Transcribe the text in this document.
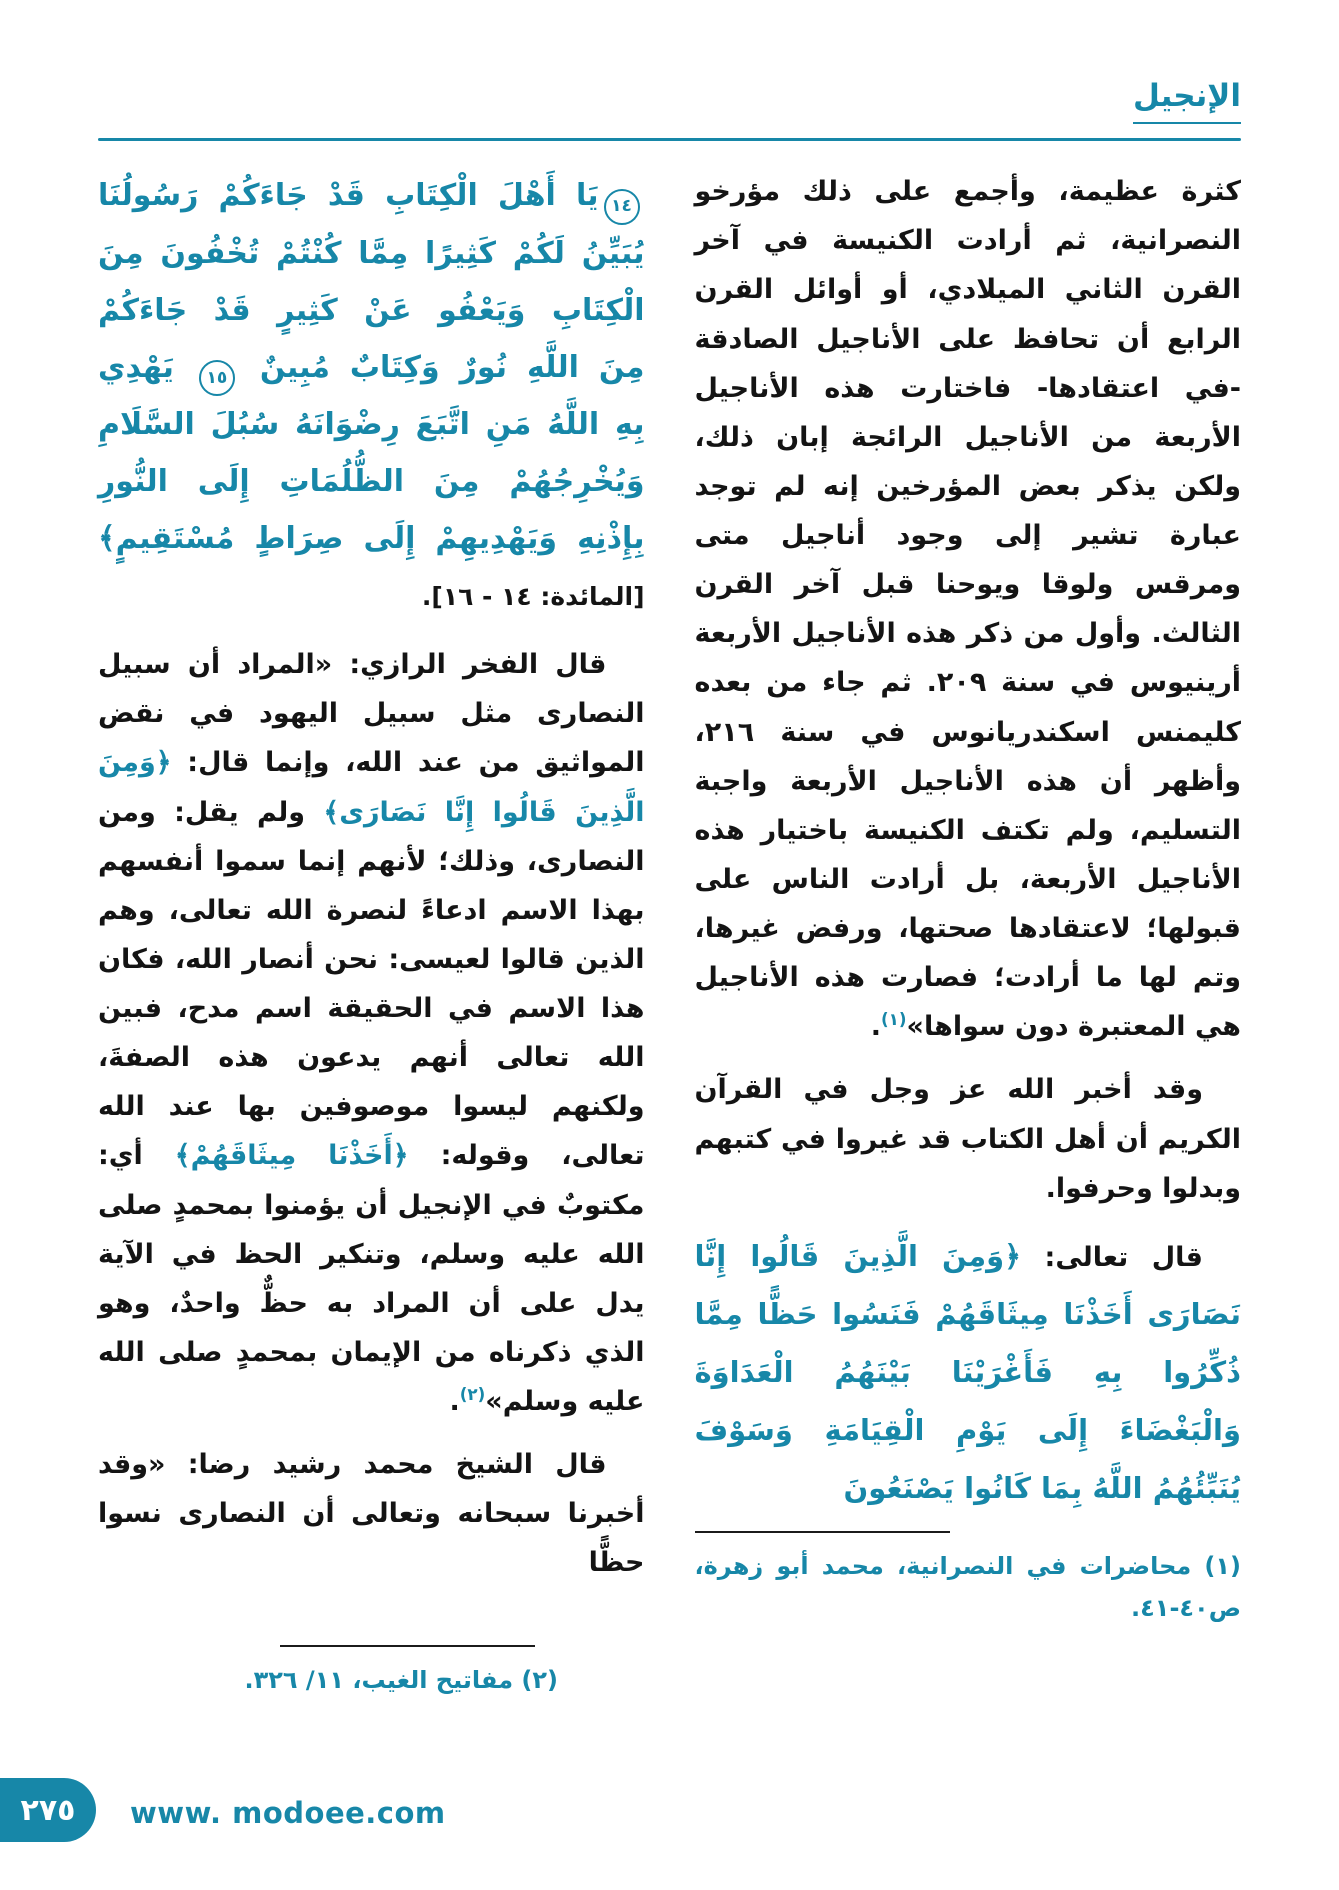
الإنجيل

كثرة عظيمة، وأجمع على ذلك مؤرخو النصرانية، ثم أرادت الكنيسة في آخر القرن الثاني الميلادي، أو أوائل القرن الرابع أن تحافظ على الأناجيل الصادقة -في اعتقادها- فاختارت هذه الأناجيل الأربعة من الأناجيل الرائجة إبان ذلك، ولكن يذكر بعض المؤرخين إنه لم توجد عبارة تشير إلى وجود أناجيل متى ومرقس ولوقا ويوحنا قبل آخر القرن الثالث. وأول من ذكر هذه الأناجيل الأربعة أرينيوس في سنة ٢٠٩. ثم جاء من بعده كليمنس اسكندريانوس في سنة ٢١٦، وأظهر أن هذه الأناجيل الأربعة واجبة التسليم، ولم تكتف الكنيسة باختيار هذه الأناجيل الأربعة، بل أرادت الناس على قبولها؛ لاعتقادها صحتها، ورفض غيرها، وتم لها ما أرادت؛ فصارت هذه الأناجيل هي المعتبرة دون سواها»$^{(١)}$.

وقد أخبر الله عز وجل في القرآن الكريم أن أهل الكتاب قد غيروا في كتبهم وبدلوا وحرفوا.

قال تعالى: ﴿وَمِنَ الَّذِينَ قَالُوا إِنَّا نَصَارَى أَخَذْنَا مِيثَاقَهُمْ فَنَسُوا حَظًّا مِمَّا ذُكِّرُوا بِهِ فَأَغْرَيْنَا بَيْنَهُمُ الْعَدَاوَةَ وَالْبَغْضَاءَ إِلَى يَوْمِ الْقِيَامَةِ وَسَوْفَ يُنَبِّئُهُمُ اللَّهُ بِمَا كَانُوا يَصْنَعُونَ

(١) محاضرات في النصرانية، محمد أبو زهرة، ص٤٠-٤١.

١٤يَا أَهْلَ الْكِتَابِ قَدْ جَاءَكُمْ رَسُولُنَا يُبَيِّنُ لَكُمْ كَثِيرًا مِمَّا كُنْتُمْ تُخْفُونَ مِنَ الْكِتَابِ وَيَعْفُو عَنْ كَثِيرٍ قَدْ جَاءَكُمْ مِنَ اللَّهِ نُورٌ وَكِتَابٌ مُبِينٌ ١٥ يَهْدِي بِهِ اللَّهُ مَنِ اتَّبَعَ رِضْوَانَهُ سُبُلَ السَّلَامِ وَيُخْرِجُهُمْ مِنَ الظُّلُمَاتِ إِلَى النُّورِ بِإِذْنِهِ وَيَهْدِيهِمْ إِلَى صِرَاطٍ مُسْتَقِيمٍ﴾ [المائدة: ١٤ - ١٦].

قال الفخر الرازي: «المراد أن سبيل النصارى مثل سبيل اليهود في نقض المواثيق من عند الله، وإنما قال: ﴿وَمِنَ الَّذِينَ قَالُوا إِنَّا نَصَارَى﴾ ولم يقل: ومن النصارى، وذلك؛ لأنهم إنما سموا أنفسهم بهذا الاسم ادعاءً لنصرة الله تعالى، وهم الذين قالوا لعيسى: نحن أنصار الله، فكان هذا الاسم في الحقيقة اسم مدح، فبين الله تعالى أنهم يدعون هذه الصفةَ، ولكنهم ليسوا موصوفين بها عند الله تعالى، وقوله: ﴿أَخَذْنَا مِيثَاقَهُمْ﴾ أي: مكتوبٌ في الإنجيل أن يؤمنوا بمحمدٍ صلى الله عليه وسلم، وتنكير الحظ في الآية يدل على أن المراد به حظٌّ واحدٌ، وهو الذي ذكرناه من الإيمان بمحمدٍ صلى الله عليه وسلم»$^{(٢)}$.

قال الشيخ محمد رشيد رضا: «وقد أخبرنا سبحانه وتعالى أن النصارى نسوا حظًّا

(٢) مفاتيح الغيب، ١١/ ٣٢٦.

٢٧٥ www. modoee.com
